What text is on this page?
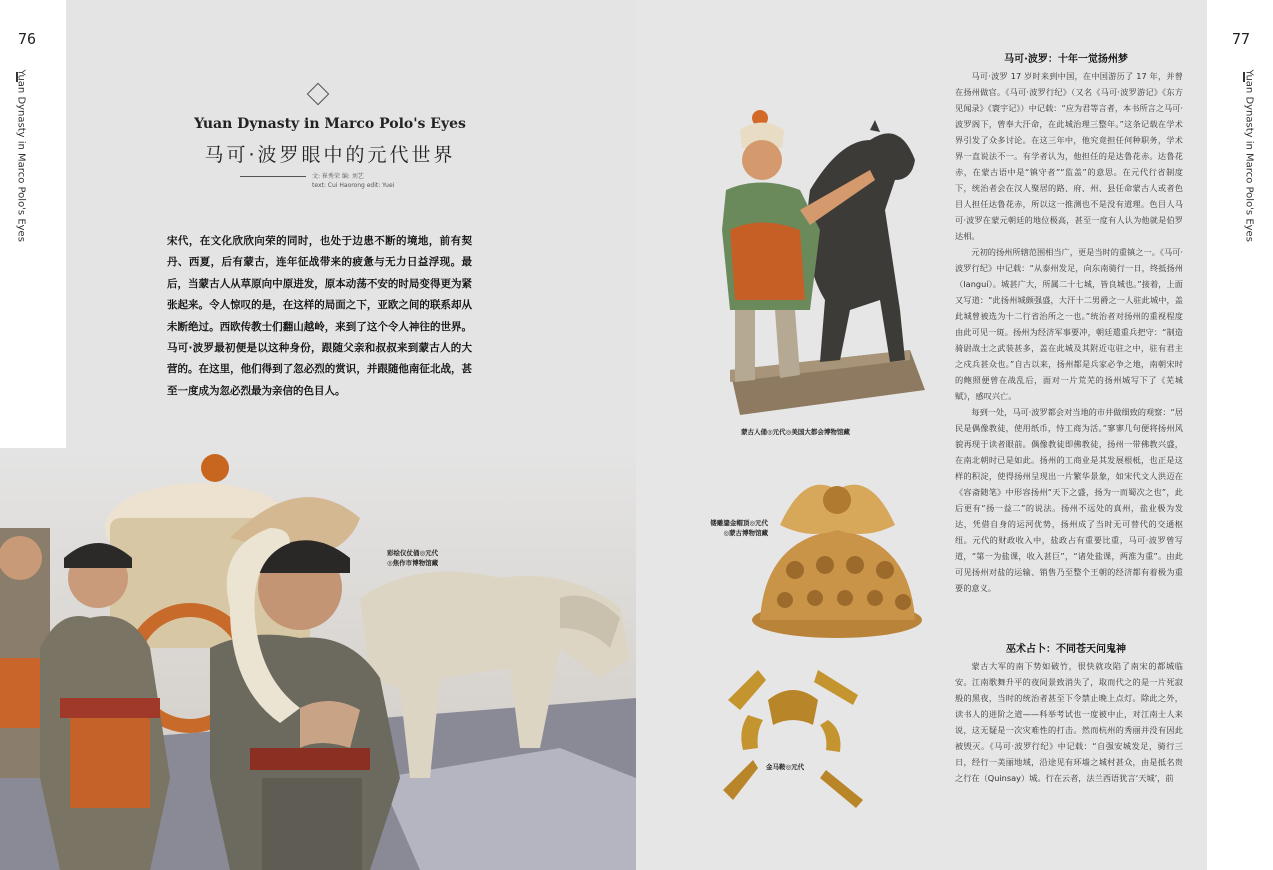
76	77
Yuan Dynasty in Marco Polo's Eyes	Yuan Dynasty in Marco Polo's Eyes
Yuan Dynasty in Marco Polo's Eyes
马可·波罗眼中的元代世界
文: 崔秀荣 编: 刘艺
text: Cui Haorong edit: Yuei
宋代，在文化欣欣向荣的同时，也处于边患不断的境地，前有契丹、西夏，后有蒙古，连年征战带来的疲惫与无力日益浮现。最后，当蒙古人从草原向中原进发，原本动荡不安的时局变得更为紧张起来。令人惊叹的是，在这样的局面之下，亚欧之间的联系却从未断绝过。西欧传教士们翻山越岭，来到了这个令人神往的世界。马可·波罗最初便是以这种身份，跟随父亲和叔叔来到蒙古人的大营的。在这里，他们得到了忽必烈的赏识，并跟随他南征北战，甚至一度成为忽必烈最为亲信的色目人。
彩绘仪仗俑◎元代
◎焦作市博物馆藏
蒙古人俑◎元代◎美国大都会博物馆藏
镂雕鎏金帽顶◎元代
◎蒙古博物馆藏
金马鞍◎元代
马可·波罗：十年一觉扬州梦

马可·波罗 17 岁时来到中国，在中国游历了 17 年，并曾在扬州做官。《马可·波罗行纪》（又名《马可·波罗游记》《东方见闻录》《寰宇记》）中记载：“应为君等言者，本书所言之马可·波罗阁下，曾奉大汗命，在此城治理三整年。”这条记载在学术界引发了众多讨论。在这三年中，他究竟担任何种职务，学术界一直说法不一。有学者认为，他担任的是达鲁花赤。达鲁花赤，在蒙古语中是“镇守者”“监盖”的意思。在元代行省制度下，统治者会在汉人聚居的路、府、州、县任命蒙古人或者色目人担任达鲁花赤，所以这一推测也不是没有道理。色目人马可·波罗在蒙元朝廷的地位极高，甚至一度有人认为他就是伯罗达相。

元初的扬州所辖范围相当广，更是当时的重镇之一。《马可·波罗行纪》中记载：“从泰州发足，向东南骑行一日，终抵扬州（Ianguí）。城甚广大，所属二十七城，皆良城也。”接着，上面又写道：“此扬州城颇强盛，大汗十二男爵之一人驻此城中，盖此城曾被选为十二行省治所之一也。”统治者对扬州的重视程度由此可见一斑。扬州为经济军事要冲，朝廷遣重兵把守：“制造骑尉战士之武装甚多，盖在此城及其附近屯驻之中，驻有君主之戍兵甚众也。”自古以来，扬州都是兵家必争之地，南朝宋时的鲍照便曾在战乱后，面对一片荒芜的扬州城写下了《芜城赋》，感叹兴亡。

每到一处，马可·波罗都会对当地的市井做细致的观察：“居民是偶像教徒，使用纸币，恃工商为活。”寥寥几句便将扬州风貌再现于读者眼前。偶像教徒即佛教徒，扬州一带佛教兴盛，在南北朝时已是如此。扬州的工商业是其发展根柢，也正是这样的积淀，使得扬州呈现出一片繁华景象，如宋代文人洪迈在《容斋随笔》中形容扬州“天下之盛，扬为一而蜀次之也”，此后更有“扬一益二”的说法。扬州不远处的真州，盐业极为发达，凭借自身的运河优势，扬州成了当时无可替代的交通枢纽。元代的财政收入中，盐政占有重要比重，马可·波罗曾写道，“第一为盐课，收入甚巨”，“诸处盐课，两淮为重”。由此可见扬州对盐的运输、销售乃至整个王朝的经济都有着极为重要的意义。

巫术占卜：不同苍天问鬼神

蒙古大军的南下势如破竹，很快就攻陷了南宋的都城临安。江南歌舞升平的夜间景致消失了，取而代之的是一片死寂般的黑夜，当时的统治者甚至下令禁止晚上点灯。除此之外，读书人的进阶之道——科举考试也一度被中止，对江南士人来说，这无疑是一次灾难性的打击。然而杭州的秀丽并没有因此被毁灭。《马可·波罗行纪》中记载：“自强安城发足，骑行三日，经行一美丽地域，沿途见有环墙之城村甚众，由是抵名贵之行在（Quinsay）城。行在云者，法兰西语犹言‘天城’，前
